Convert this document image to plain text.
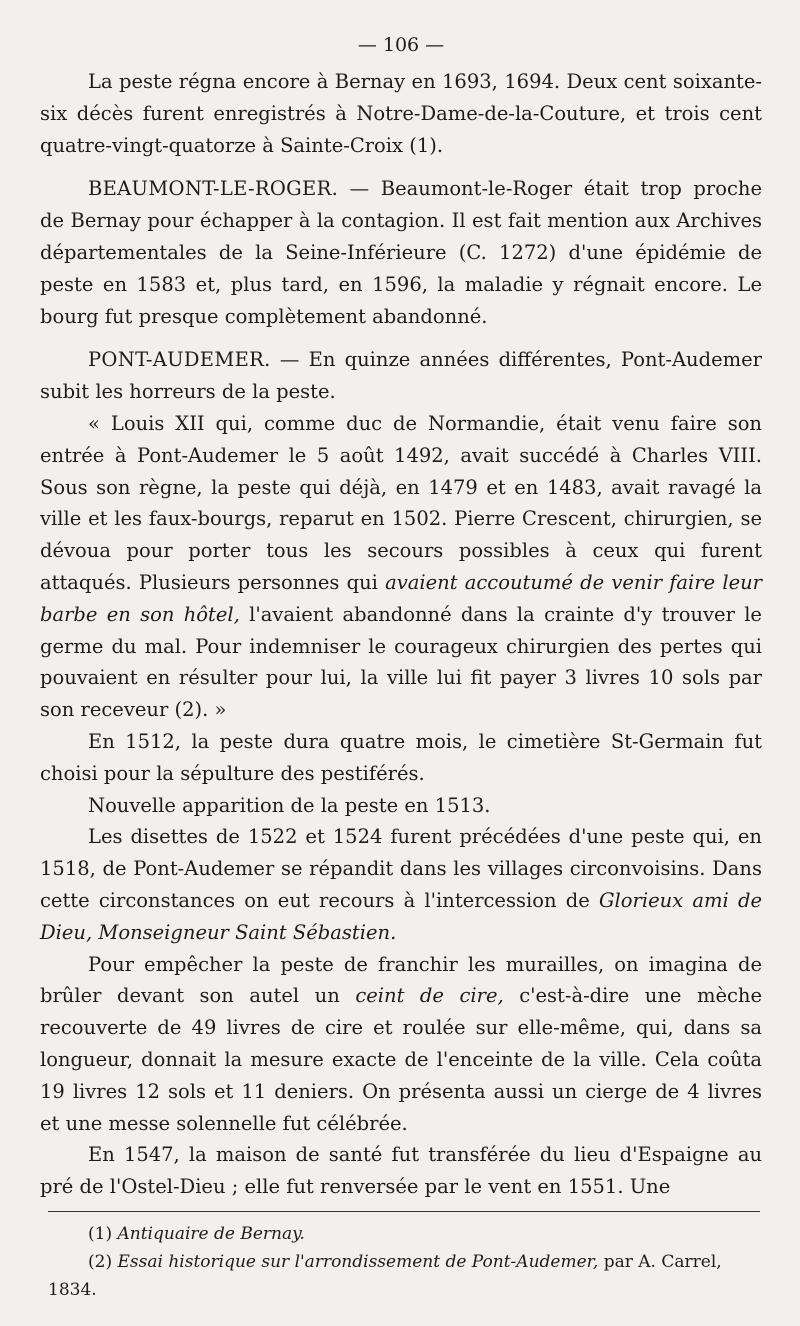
— 106 —

La peste régna encore à Bernay en 1693, 1694. Deux cent soixante-six décès furent enregistrés à Notre-Dame-de-la-Couture, et trois cent quatre-vingt-quatorze à Sainte-Croix (1).

BEAUMONT-LE-ROGER. — Beaumont-le-Roger était trop proche de Bernay pour échapper à la contagion. Il est fait mention aux Archives départementales de la Seine-Inférieure (C. 1272) d'une épidémie de peste en 1583 et, plus tard, en 1596, la maladie y régnait encore. Le bourg fut presque complètement abandonné.

PONT-AUDEMER. — En quinze années différentes, Pont-Audemer subit les horreurs de la peste.

« Louis XII qui, comme duc de Normandie, était venu faire son entrée à Pont-Audemer le 5 août 1492, avait succédé à Charles VIII. Sous son règne, la peste qui déjà, en 1479 et en 1483, avait ravagé la ville et les faux-bourgs, reparut en 1502. Pierre Crescent, chirurgien, se dévoua pour porter tous les secours possibles à ceux qui furent attaqués. Plusieurs personnes qui avaient accoutumé de venir faire leur barbe en son hôtel, l'avaient abandonné dans la crainte d'y trouver le germe du mal. Pour indemniser le courageux chirurgien des pertes qui pouvaient en résulter pour lui, la ville lui fit payer 3 livres 10 sols par son receveur (2). »

En 1512, la peste dura quatre mois, le cimetière St-Germain fut choisi pour la sépulture des pestiférés.

Nouvelle apparition de la peste en 1513.

Les disettes de 1522 et 1524 furent précédées d'une peste qui, en 1518, de Pont-Audemer se répandit dans les villages circonvoisins. Dans cette circonstances on eut recours à l'intercession de Glorieux ami de Dieu, Monseigneur Saint Sébastien.

Pour empêcher la peste de franchir les murailles, on imagina de brûler devant son autel un ceint de cire, c'est-à-dire une mèche recouverte de 49 livres de cire et roulée sur elle-même, qui, dans sa longueur, donnait la mesure exacte de l'enceinte de la ville. Cela coûta 19 livres 12 sols et 11 deniers. On présenta aussi un cierge de 4 livres et une messe solennelle fut célébrée.

En 1547, la maison de santé fut transférée du lieu d'Espaigne au pré de l'Ostel-Dieu ; elle fut renversée par le vent en 1551. Une

(1) Antiquaire de Bernay.

(2) Essai historique sur l'arrondissement de Pont-Audemer, par A. Carrel, 1834.
